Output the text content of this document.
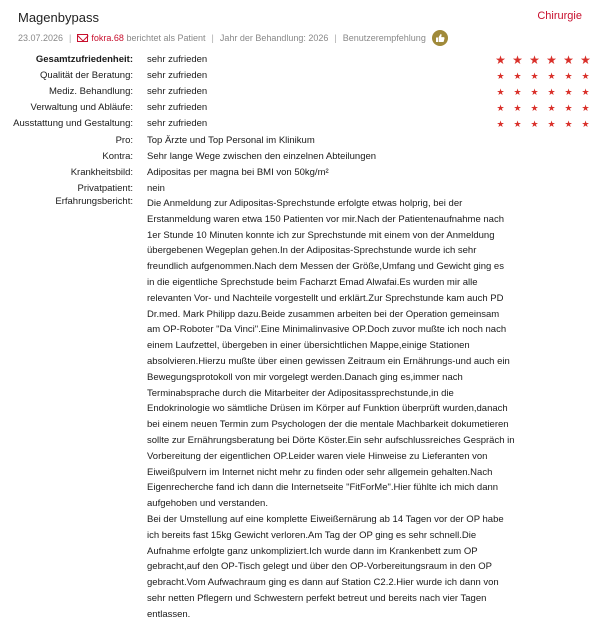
Magenbypass	Chirurgie
23.07.2026 | fokra.68
berichtet als Patient | Jahr der Behandlung: 2026 | Benutzerempfehlung
Gesamtzufriedenheit: sehr zufrieden	★ ★ ★ ★ ★ ★
Qualität der Beratung: sehr zufrieden	★ ★ ★ ★ ★ ★
Mediz. Behandlung: sehr zufrieden	★ ★ ★ ★ ★ ★
Verwaltung und Abläufe: sehr zufrieden	★ ★ ★ ★ ★ ★
Ausstattung und Gestaltung: sehr zufrieden	★ ★ ★ ★ ★ ★
Pro: Top Ärzte und Top Personal im Klinikum
Kontra: Sehr lange Wege zwischen den einzelnen Abteilungen
Krankheitsbild: Adipositas per magna bei BMI von 50kg/m²
Privatpatient: nein
Erfahrungsbericht: Die Anmeldung zur Adipositas-Sprechstunde erfolgte etwas holprig, bei der
Erstanmeldung waren etwa 150 Patienten vor mir.Nach der Patientenaufnahme nach
1er Stunde 10 Minuten konnte ich zur Sprechstunde mit einem von der Anmeldung
übergebenen Wegeplan gehen.In der Adipositas-Sprechstunde wurde ich sehr
freundlich aufgenommen.Nach dem Messen der Größe,Umfang und Gewicht ging es
in die eigentliche Sprechstude beim Facharzt Emad Alwafai.Es wurden mir alle
relevanten Vor- und Nachteile vorgestellt und erklärt.Zur Sprechstunde kam auch PD
Dr.med. Mark Philipp dazu.Beide zusammen arbeiten bei der Operation gemeinsam
am OP-Roboter "Da Vinci".Eine Minimalinvasive OP.Doch zuvor mußte ich noch nach
einem Laufzettel, übergeben in einer übersichtlichen Mappe,einige Stationen
absolvieren.Hierzu mußte über einen gewissen Zeitraum ein Ernährungs-und auch ein
Bewegungsprotokoll von mir vorgelegt werden.Danach ging es,immer nach
Terminabsprache durch die Mitarbeiter der Adipositassprechstunde,in die
Endokrinologie wo sämtliche Drüsen im Körper auf Funktion überprüft wurden,danach
bei einem neuen Termin zum Psychologen der die mentale Machbarkeit dokumetieren
sollte zur Ernährungsberatung bei Dörte Köster.Ein sehr aufschlussreiches Gespräch in
Vorbereitung der eigentlichen OP.Leider waren viele Hinweise zu Lieferanten von
Eiweißpulvern im Internet nicht mehr zu finden oder sehr allgemein gehalten.Nach
Eigenrecherche fand ich dann die Internetseite "FitForMe".Hier fühlte ich mich dann
aufgehoben und verstanden.
Bei der Umstellung auf eine komplette Eiweißernärung ab 14 Tagen vor der OP habe
ich bereits fast 15kg Gewicht verloren.Am Tag der OP ging es sehr schnell.Die
Aufnahme erfolgte ganz unkompliziert.Ich wurde dann im Krankenbett zum OP
gebracht,auf den OP-Tisch gelegt und über den OP-Vorbereitungsraum in den OP
gebracht.Vom Aufwachraum ging es dann auf Station C2.2.Hier wurde ich dann von
sehr netten Pflegern und Schwestern perfekt betreut und bereits nach vier Tagen
entlassen.
